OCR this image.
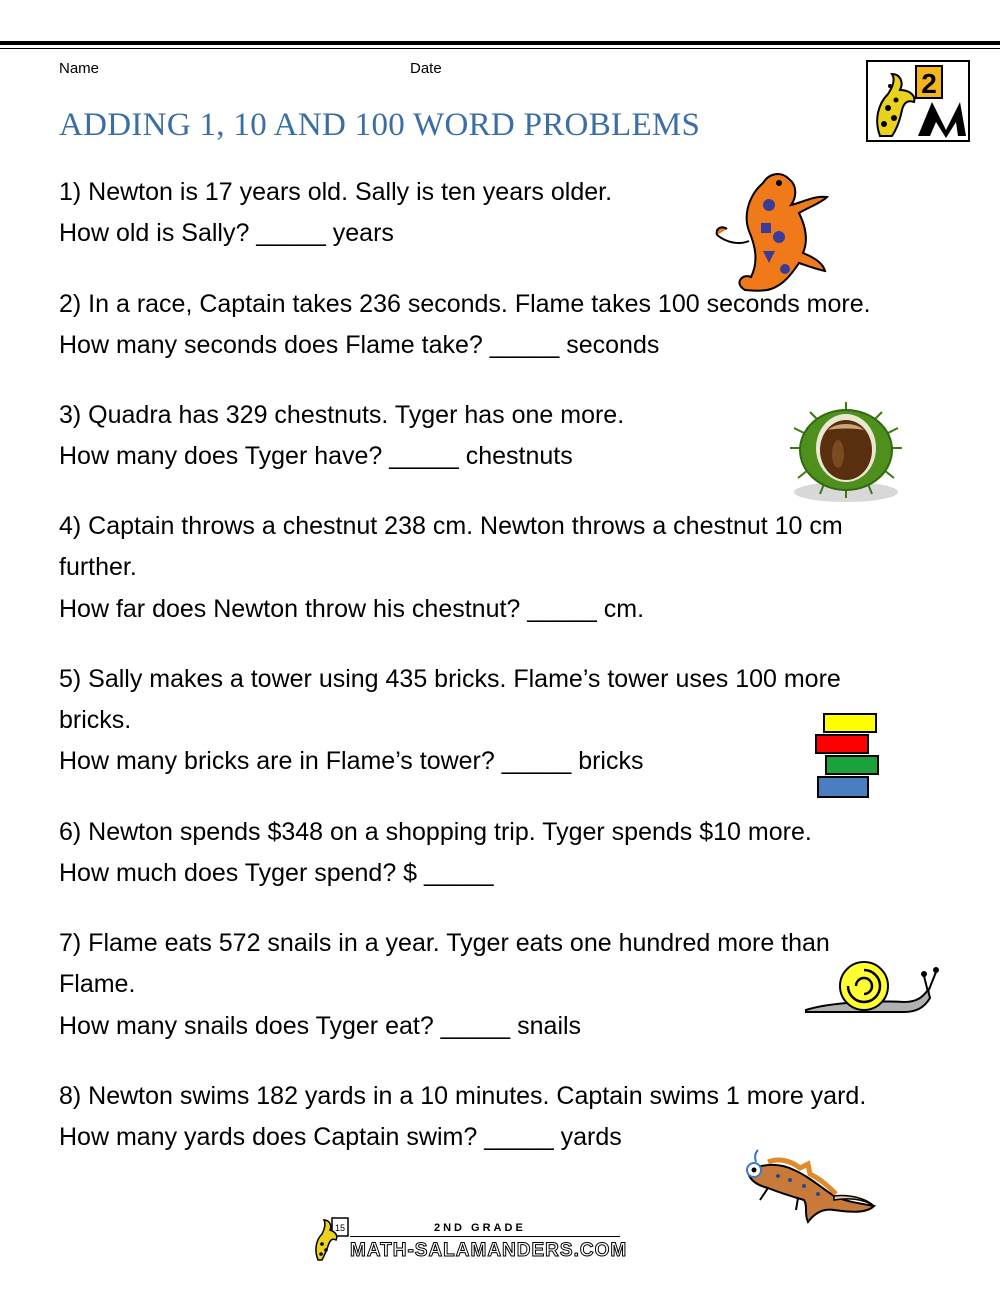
Name	Date	2
ADDING 1, 10 AND 100 WORD PROBLEMS

1) Newton is 17 years old. Sally is ten years older.

How old is Sally? _____ years

2) In a race, Captain takes 236 seconds. Flame takes 100 seconds more.

How many seconds does Flame take? _____ seconds

3) Quadra has 329 chestnuts. Tyger has one more.

How many does Tyger have? _____ chestnuts

4) Captain throws a chestnut 238 cm. Newton throws a chestnut 10 cm

further.

How far does Newton throw his chestnut? _____ cm.

5) Sally makes a tower using 435 bricks. Flame’s tower uses 100 more

bricks.

How many bricks are in Flame’s tower? _____ bricks

6) Newton spends $348 on a shopping trip. Tyger spends $10 more.

How much does Tyger spend? $ _____

7) Flame eats 572 snails in a year. Tyger eats one hundred more than

Flame.

How many snails does Tyger eat? _____ snails

8) Newton swims 182 yards in a 10 minutes. Captain swims 1 more yard.

How many yards does Captain swim? _____ yards

15	2ND GRADE
MATH-SALAMANDERS.COM
